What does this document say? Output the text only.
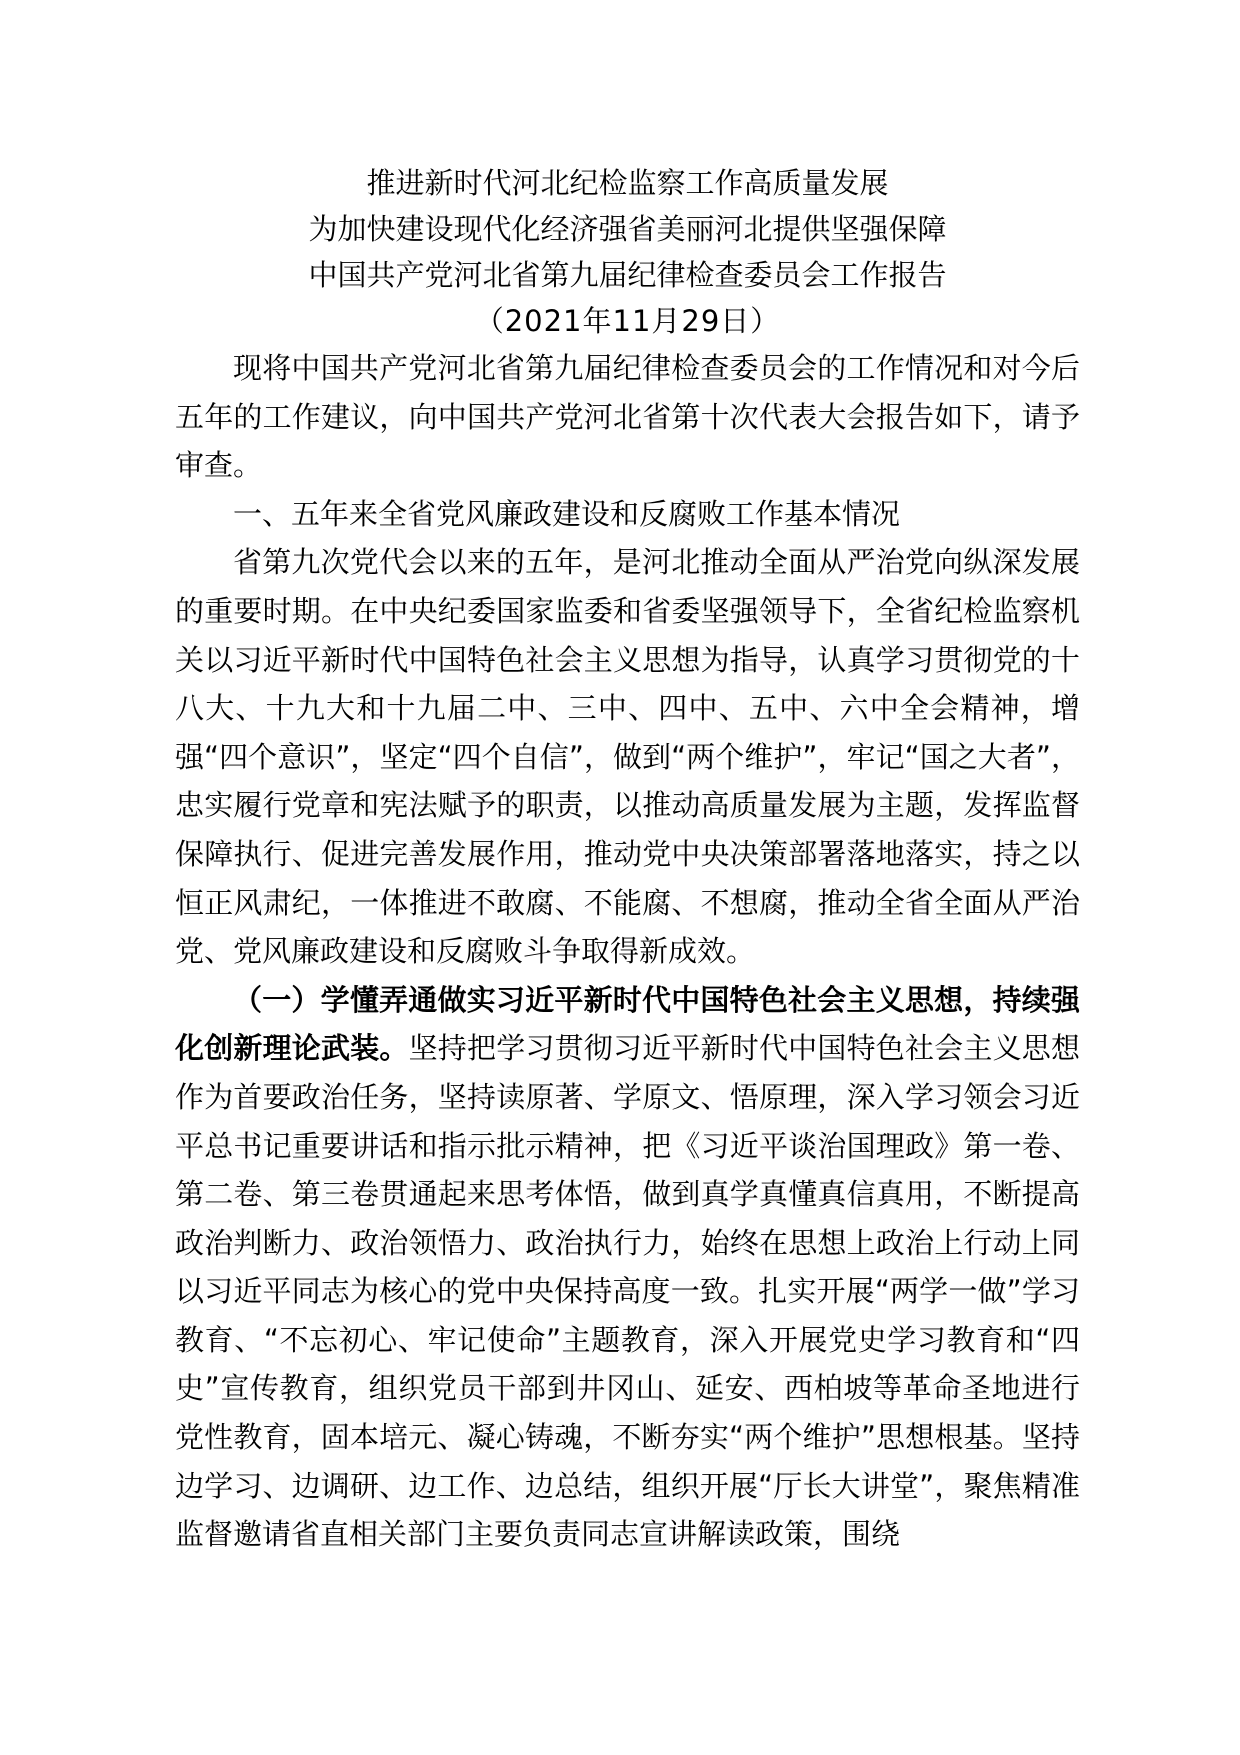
推进新时代河北纪检监察工作高质量发展
为加快建设现代化经济强省美丽河北提供坚强保障
中国共产党河北省第九届纪律检查委员会工作报告
（2021年11月29日）

现将中国共产党河北省第九届纪律检查委员会的工作情况和对今后五年的工作建议，向中国共产党河北省第十次代表大会报告如下，请予审查。

一、五年来全省党风廉政建设和反腐败工作基本情况

省第九次党代会以来的五年，是河北推动全面从严治党向纵深发展的重要时期。在中央纪委国家监委和省委坚强领导下，全省纪检监察机关以习近平新时代中国特色社会主义思想为指导，认真学习贯彻党的十八大、十九大和十九届二中、三中、四中、五中、六中全会精神，增强“四个意识”，坚定“四个自信”，做到“两个维护”，牢记“国之大者”，忠实履行党章和宪法赋予的职责，以推动高质量发展为主题，发挥监督保障执行、促进完善发展作用，推动党中央决策部署落地落实，持之以恒正风肃纪，一体推进不敢腐、不能腐、不想腐，推动全省全面从严治党、党风廉政建设和反腐败斗争取得新成效。

（一）学懂弄通做实习近平新时代中国特色社会主义思想，持续强化创新理论武装。坚持把学习贯彻习近平新时代中国特色社会主义思想作为首要政治任务，坚持读原著、学原文、悟原理，深入学习领会习近平总书记重要讲话和指示批示精神，把《习近平谈治国理政》第一卷、第二卷、第三卷贯通起来思考体悟，做到真学真懂真信真用，不断提高政治判断力、政治领悟力、政治执行力，始终在思想上政治上行动上同以习近平同志为核心的党中央保持高度一致。扎实开展“两学一做”学习教育、“不忘初心、牢记使命”主题教育，深入开展党史学习教育和“四史”宣传教育，组织党员干部到井冈山、延安、西柏坡等革命圣地进行党性教育，固本培元、凝心铸魂，不断夯实“两个维护”思想根基。坚持边学习、边调研、边工作、边总结，组织开展“厅长大讲堂”，聚焦精准监督邀请省直相关部门主要负责同志宣讲解读政策，围绕
